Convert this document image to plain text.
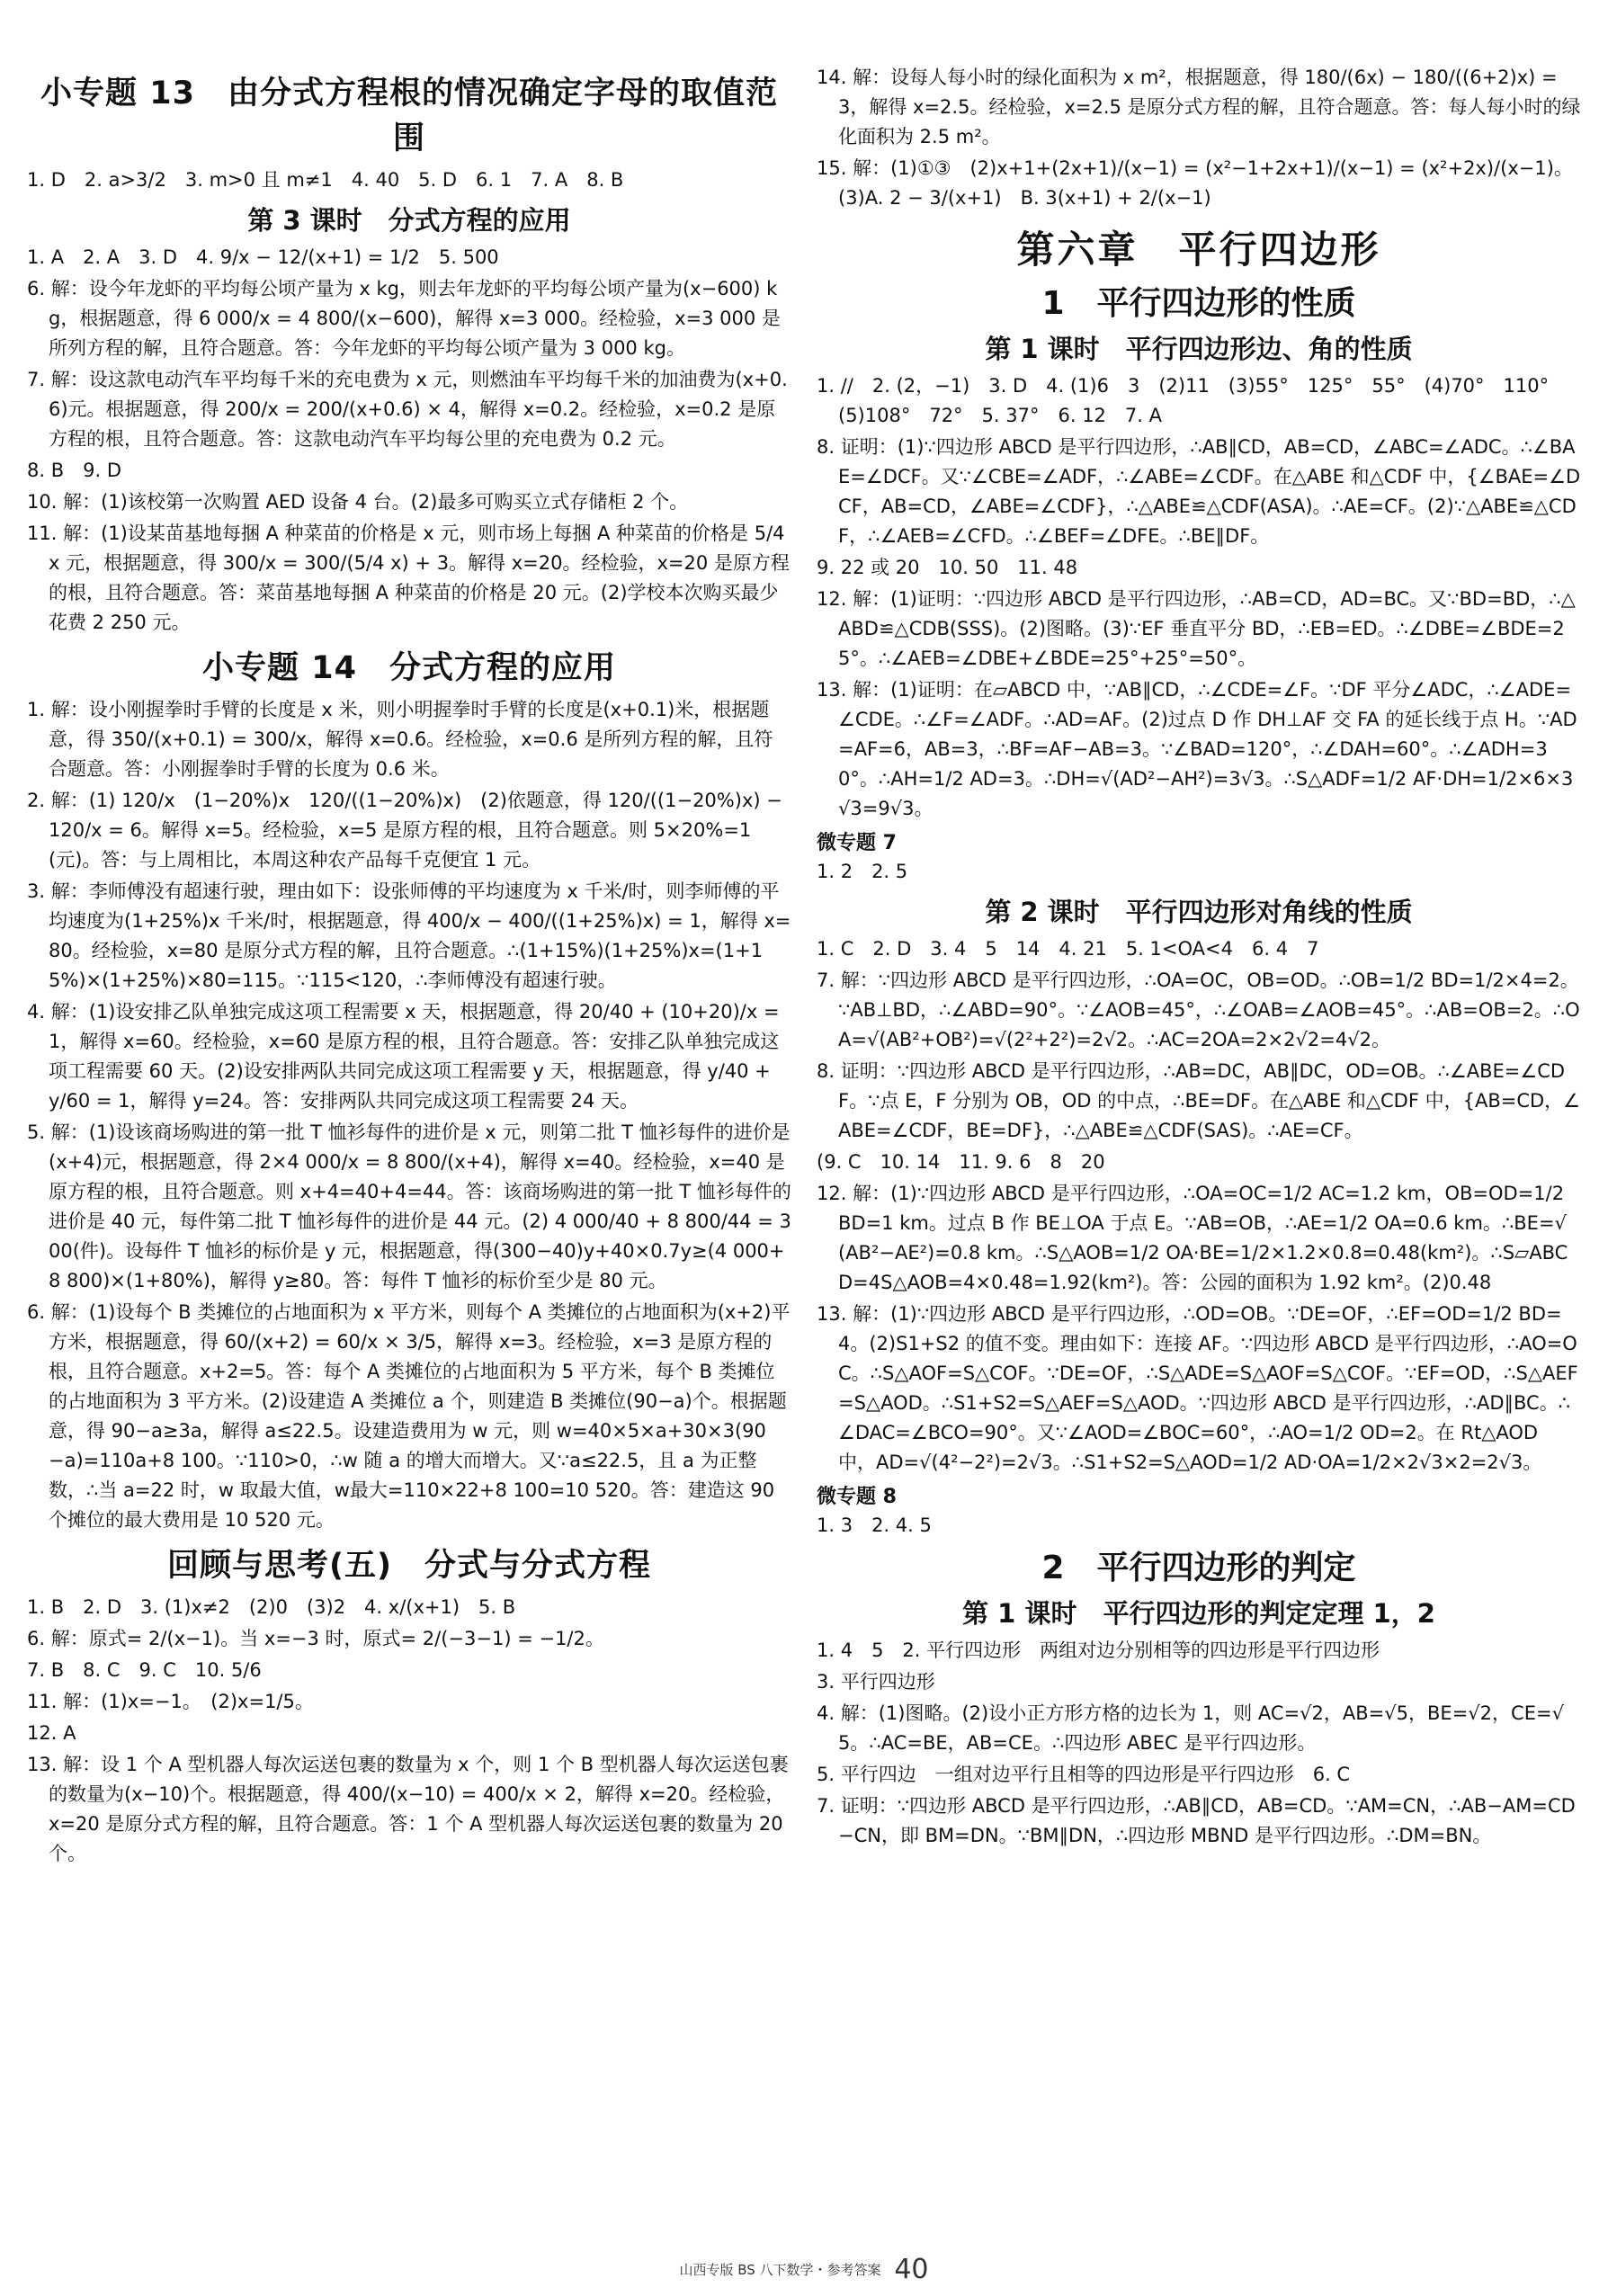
小专题 13　由分式方程根的情况确定字母的取值范围
1. D　2. a>3/2　3. m>0 且 m≠1　4. 40　5. D　6. 1　7. A　8. B
第 3 课时　分式方程的应用
1. A　2. A　3. D　4. 9/x − 12/(x+1) = 1/2　5. 500
6. 解：设今年龙虾的平均每公顷产量为 x kg，则去年龙虾的平均每公顷产量为(x−600) kg，根据题意，得 6 000/x = 4 800/(x−600)，解得 x=3 000。经检验，x=3 000 是所列方程的解，且符合题意。答：今年龙虾的平均每公顷产量为 3 000 kg。
7. 解：设这款电动汽车平均每千米的充电费为 x 元，则燃油车平均每千米的加油费为(x+0.6)元。根据题意，得 200/x = 200/(x+0.6) × 4，解得 x=0.2。经检验，x=0.2 是原方程的根，且符合题意。答：这款电动汽车平均每公里的充电费为 0.2 元。
8. B　9. D
10. 解：(1)该校第一次购置 AED 设备 4 台。(2)最多可购买立式存储柜 2 个。
11. 解：(1)设某苗基地每捆 A 种菜苗的价格是 x 元，则市场上每捆 A 种菜苗的价格是 5/4 x 元，根据题意，得 300/x = 300/(5/4 x) + 3。解得 x=20。经检验，x=20 是原方程的根，且符合题意。答：菜苗基地每捆 A 种菜苗的价格是 20 元。(2)学校本次购买最少花费 2 250 元。
小专题 14　分式方程的应用
1. 解：设小刚握拳时手臂的长度是 x 米，则小明握拳时手臂的长度是(x+0.1)米，根据题意，得 350/(x+0.1) = 300/x，解得 x=0.6。经检验，x=0.6 是所列方程的解，且符合题意。答：小刚握拳时手臂的长度为 0.6 米。
2. 解：(1) 120/x　(1−20%)x　120/((1−20%)x)　(2)依题意，得 120/((1−20%)x) − 120/x = 6。解得 x=5。经检验，x=5 是原方程的根，且符合题意。则 5×20%=1(元)。答：与上周相比，本周这种农产品每千克便宜 1 元。
3. 解：李师傅没有超速行驶，理由如下：设张师傅的平均速度为 x 千米/时，则李师傅的平均速度为(1+25%)x 千米/时，根据题意，得 400/x − 400/((1+25%)x) = 1，解得 x=80。经检验，x=80 是原分式方程的解，且符合题意。∴(1+15%)(1+25%)x=(1+15%)×(1+25%)×80=115。∵115<120，∴李师傅没有超速行驶。
4. 解：(1)设安排乙队单独完成这项工程需要 x 天，根据题意，得 20/40 + (10+20)/x = 1，解得 x=60。经检验，x=60 是原方程的根，且符合题意。答：安排乙队单独完成这项工程需要 60 天。(2)设安排两队共同完成这项工程需要 y 天，根据题意，得 y/40 + y/60 = 1，解得 y=24。答：安排两队共同完成这项工程需要 24 天。
5. 解：(1)设该商场购进的第一批 T 恤衫每件的进价是 x 元，则第二批 T 恤衫每件的进价是(x+4)元，根据题意，得 2×4 000/x = 8 800/(x+4)，解得 x=40。经检验，x=40 是原方程的根，且符合题意。则 x+4=40+4=44。答：该商场购进的第一批 T 恤衫每件的进价是 40 元，每件第二批 T 恤衫每件的进价是 44 元。(2) 4 000/40 + 8 800/44 = 300(件)。设每件 T 恤衫的标价是 y 元，根据题意，得(300−40)y+40×0.7y≥(4 000+8 800)×(1+80%)，解得 y≥80。答：每件 T 恤衫的标价至少是 80 元。
6. 解：(1)设每个 B 类摊位的占地面积为 x 平方米，则每个 A 类摊位的占地面积为(x+2)平方米，根据题意，得 60/(x+2) = 60/x × 3/5，解得 x=3。经检验，x=3 是原方程的根，且符合题意。x+2=5。答：每个 A 类摊位的占地面积为 5 平方米，每个 B 类摊位的占地面积为 3 平方米。(2)设建造 A 类摊位 a 个，则建造 B 类摊位(90−a)个。根据题意，得 90−a≥3a，解得 a≤22.5。设建造费用为 w 元，则 w=40×5×a+30×3(90−a)=110a+8 100。∵110>0，∴w 随 a 的增大而增大。又∵a≤22.5，且 a 为正整数，∴当 a=22 时，w 取最大值，w最大=110×22+8 100=10 520。答：建造这 90 个摊位的最大费用是 10 520 元。
回顾与思考(五)　分式与分式方程
1. B　2. D　3. (1)x≠2　(2)0　(3)2　4. x/(x+1)　5. B
6. 解：原式= 2/(x−1)。当 x=−3 时，原式= 2/(−3−1) = −1/2。
7. B　8. C　9. C　10. 5/6
11. 解：(1)x=−1。　(2)x=1/5。
12. A
13. 解：设 1 个 A 型机器人每次运送包裹的数量为 x 个，则 1 个 B 型机器人每次运送包裹的数量为(x−10)个。根据题意，得 400/(x−10) = 400/x × 2，解得 x=20。经检验，x=20 是原分式方程的解，且符合题意。答：1 个 A 型机器人每次运送包裹的数量为 20 个。
14. 解：设每人每小时的绿化面积为 x m²，根据题意，得 180/(6x) − 180/((6+2)x) = 3，解得 x=2.5。经检验，x=2.5 是原分式方程的解，且符合题意。答：每人每小时的绿化面积为 2.5 m²。
15. 解：(1)①③　(2)x+1+(2x+1)/(x−1) = (x²−1+2x+1)/(x−1) = (x²+2x)/(x−1)。(3)A. 2 − 3/(x+1)　B. 3(x+1) + 2/(x−1)
第六章　平行四边形
1　平行四边形的性质
第 1 课时　平行四边形边、角的性质
1. //　2. (2，−1)　3. D　4. (1)6　3　(2)11　(3)55°　125°　55°　(4)70°　110°　(5)108°　72°　5. 37°　6. 12　7. A
8. 证明：(1)∵四边形 ABCD 是平行四边形，∴AB∥CD，AB=CD，∠ABC=∠ADC。∴∠BAE=∠DCF。又∵∠CBE=∠ADF，∴∠ABE=∠CDF。在△ABE 和△CDF 中，{∠BAE=∠DCF，AB=CD，∠ABE=∠CDF}，∴△ABE≌△CDF(ASA)。∴AE=CF。(2)∵△ABE≌△CDF，∴∠AEB=∠CFD。∴∠BEF=∠DFE。∴BE∥DF。
9. 22 或 20　10. 50　11. 48
12. 解：(1)证明：∵四边形 ABCD 是平行四边形，∴AB=CD，AD=BC。又∵BD=BD，∴△ABD≌△CDB(SSS)。(2)图略。(3)∵EF 垂直平分 BD，∴EB=ED。∴∠DBE=∠BDE=25°。∴∠AEB=∠DBE+∠BDE=25°+25°=50°。
13. 解：(1)证明：在▱ABCD 中，∵AB∥CD，∴∠CDE=∠F。∵DF 平分∠ADC，∴∠ADE=∠CDE。∴∠F=∠ADF。∴AD=AF。(2)过点 D 作 DH⊥AF 交 FA 的延长线于点 H。∵AD=AF=6，AB=3，∴BF=AF−AB=3。∵∠BAD=120°，∴∠DAH=60°。∴∠ADH=30°。∴AH=1/2 AD=3。∴DH=√(AD²−AH²)=3√3。∴S△ADF=1/2 AF·DH=1/2×6×3√3=9√3。
微专题 7
1. 2　2. 5
第 2 课时　平行四边形对角线的性质
1. C　2. D　3. 4　5　14　4. 21　5. 1<OA<4　6. 4　7
7. 解：∵四边形 ABCD 是平行四边形，∴OA=OC，OB=OD。∴OB=1/2 BD=1/2×4=2。∵AB⊥BD，∴∠ABD=90°。∵∠AOB=45°，∴∠OAB=∠AOB=45°。∴AB=OB=2。∴OA=√(AB²+OB²)=√(2²+2²)=2√2。∴AC=2OA=2×2√2=4√2。
8. 证明：∵四边形 ABCD 是平行四边形，∴AB=DC，AB∥DC，OD=OB。∴∠ABE=∠CDF。∵点 E，F 分别为 OB，OD 的中点，∴BE=DF。在△ABE 和△CDF 中，{AB=CD，∠ABE=∠CDF，BE=DF}，∴△ABE≌△CDF(SAS)。∴AE=CF。
(9. C　10. 14　11. 9. 6　8　20
12. 解：(1)∵四边形 ABCD 是平行四边形，∴OA=OC=1/2 AC=1.2 km，OB=OD=1/2 BD=1 km。过点 B 作 BE⊥OA 于点 E。∵AB=OB，∴AE=1/2 OA=0.6 km。∴BE=√(AB²−AE²)=0.8 km。∴S△AOB=1/2 OA·BE=1/2×1.2×0.8=0.48(km²)。∴S▱ABCD=4S△AOB=4×0.48=1.92(km²)。答：公园的面积为 1.92 km²。(2)0.48
13. 解：(1)∵四边形 ABCD 是平行四边形，∴OD=OB。∵DE=OF，∴EF=OD=1/2 BD=4。(2)S1+S2 的值不变。理由如下：连接 AF。∵四边形 ABCD 是平行四边形，∴AO=OC。∴S△AOF=S△COF。∵DE=OF，∴S△ADE=S△AOF=S△COF。∵EF=OD，∴S△AEF=S△AOD。∴S1+S2=S△AEF=S△AOD。∵四边形 ABCD 是平行四边形，∴AD∥BC。∴∠DAC=∠BCO=90°。又∵∠AOD=∠BOC=60°，∴AO=1/2 OD=2。在 Rt△AOD 中，AD=√(4²−2²)=2√3。∴S1+S2=S△AOD=1/2 AD·OA=1/2×2√3×2=2√3。
微专题 8
1. 3　2. 4. 5
2　平行四边形的判定
第 1 课时　平行四边形的判定定理 1，2
1. 4　5　2. 平行四边形　两组对边分别相等的四边形是平行四边形
3. 平行四边形
4. 解：(1)图略。(2)设小正方形方格的边长为 1，则 AC=√2，AB=√5，BE=√2，CE=√5。∴AC=BE，AB=CE。∴四边形 ABEC 是平行四边形。
5. 平行四边　一组对边平行且相等的四边形是平行四边形　6. C
7. 证明：∵四边形 ABCD 是平行四边形，∴AB∥CD，AB=CD。∵AM=CN，∴AB−AM=CD−CN，即 BM=DN。∵BM∥DN，∴四边形 MBND 是平行四边形。∴DM=BN。
山西专版 BS 八下数学・参考答案 40
